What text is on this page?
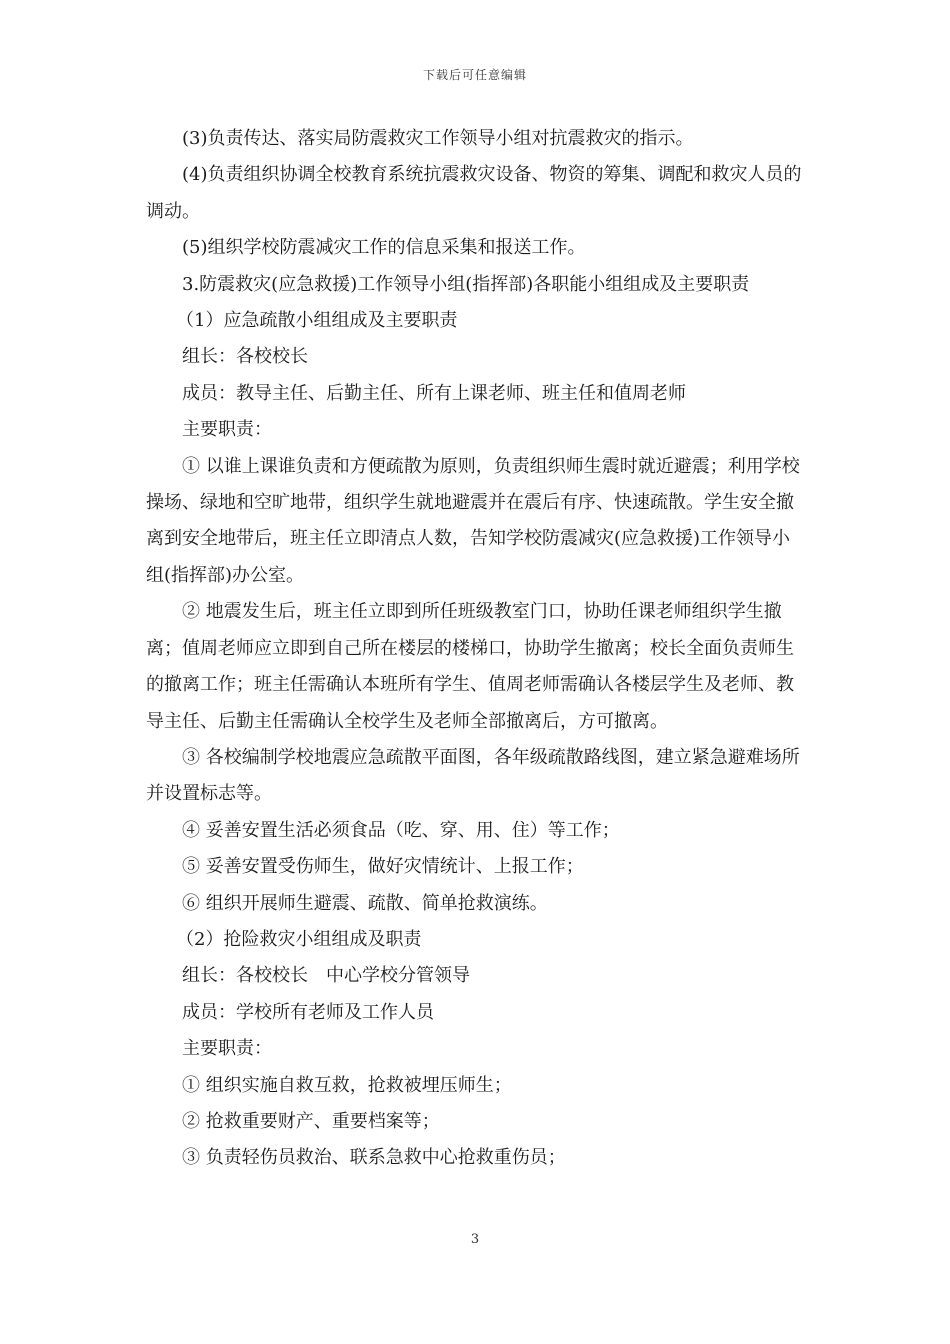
下载后可任意编辑

(3)负责传达、落实局防震救灾工作领导小组对抗震救灾的指示。

(4)负责组织协调全校教育系统抗震救灾设备、物资的筹集、调配和救灾人员的调动。

(5)组织学校防震减灾工作的信息采集和报送工作。

3.防震救灾(应急救援)工作领导小组(指挥部)各职能小组组成及主要职责

（1）应急疏散小组组成及主要职责

组长：各校校长

成员：教导主任、后勤主任、所有上课老师、班主任和值周老师

主要职责：

① 以谁上课谁负责和方便疏散为原则，负责组织师生震时就近避震；利用学校操场、绿地和空旷地带，组织学生就地避震并在震后有序、快速疏散。学生安全撤离到安全地带后，班主任立即清点人数，告知学校防震减灾(应急救援)工作领导小组(指挥部)办公室。

② 地震发生后，班主任立即到所任班级教室门口，协助任课老师组织学生撤离；值周老师应立即到自己所在楼层的楼梯口，协助学生撤离；校长全面负责师生的撤离工作；班主任需确认本班所有学生、值周老师需确认各楼层学生及老师、教导主任、后勤主任需确认全校学生及老师全部撤离后，方可撤离。

③ 各校编制学校地震应急疏散平面图，各年级疏散路线图，建立紧急避难场所并设置标志等。

④ 妥善安置生活必须食品（吃、穿、用、住）等工作；

⑤ 妥善安置受伤师生，做好灾情统计、上报工作；

⑥ 组织开展师生避震、疏散、简单抢救演练。

（2）抢险救灾小组组成及职责

组长：各校校长　中心学校分管领导

成员：学校所有老师及工作人员

主要职责：

① 组织实施自救互救，抢救被埋压师生；

② 抢救重要财产、重要档案等；

③ 负责轻伤员救治、联系急救中心抢救重伤员；

3
